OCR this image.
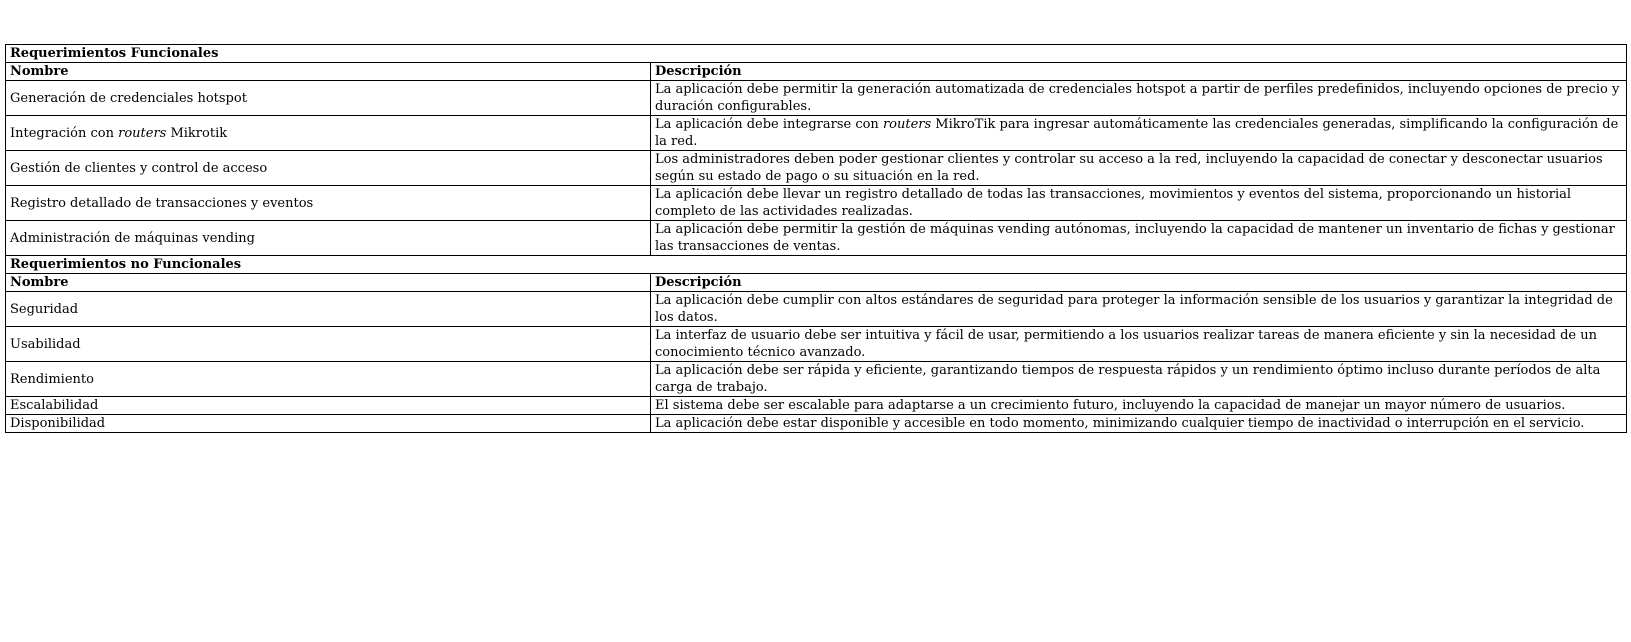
Requerimientos Funcionales	
Nombre	Descripción
Generación de credenciales hotspot	La aplicación debe permitir la generación automatizada de credenciales hotspot a partir de perfiles predefinidos, incluyendo opciones de precio y duración configurables.
Integración con routers Mikrotik	La aplicación debe integrarse con routers MikroTik para ingresar automáticamente las credenciales generadas, simplificando la configuración de la red.
Gestión de clientes y control de acceso	Los administradores deben poder gestionar clientes y controlar su acceso a la red, incluyendo la capacidad de conectar y desconectar usuarios según su estado de pago o su situación en la red.
Registro detallado de transacciones y eventos	La aplicación debe llevar un registro detallado de todas las transacciones, movimientos y eventos del sistema, proporcionando un historial completo de las actividades realizadas.
Administración de máquinas vending	La aplicación debe permitir la gestión de máquinas vending autónomas, incluyendo la capacidad de mantener un inventario de fichas y gestionar las transacciones de ventas.
Requerimientos no Funcionales	
Nombre	Descripción
Seguridad	La aplicación debe cumplir con altos estándares de seguridad para proteger la información sensible de los usuarios y garantizar la integridad de los datos.
Usabilidad	La interfaz de usuario debe ser intuitiva y fácil de usar, permitiendo a los usuarios realizar tareas de manera eficiente y sin la necesidad de un conocimiento técnico avanzado.
Rendimiento	La aplicación debe ser rápida y eficiente, garantizando tiempos de respuesta rápidos y un rendimiento óptimo incluso durante períodos de alta carga de trabajo.
Escalabilidad	El sistema debe ser escalable para adaptarse a un crecimiento futuro, incluyendo la capacidad de manejar un mayor número de usuarios.
Disponibilidad	La aplicación debe estar disponible y accesible en todo momento, minimizando cualquier tiempo de inactividad o interrupción en el servicio.
